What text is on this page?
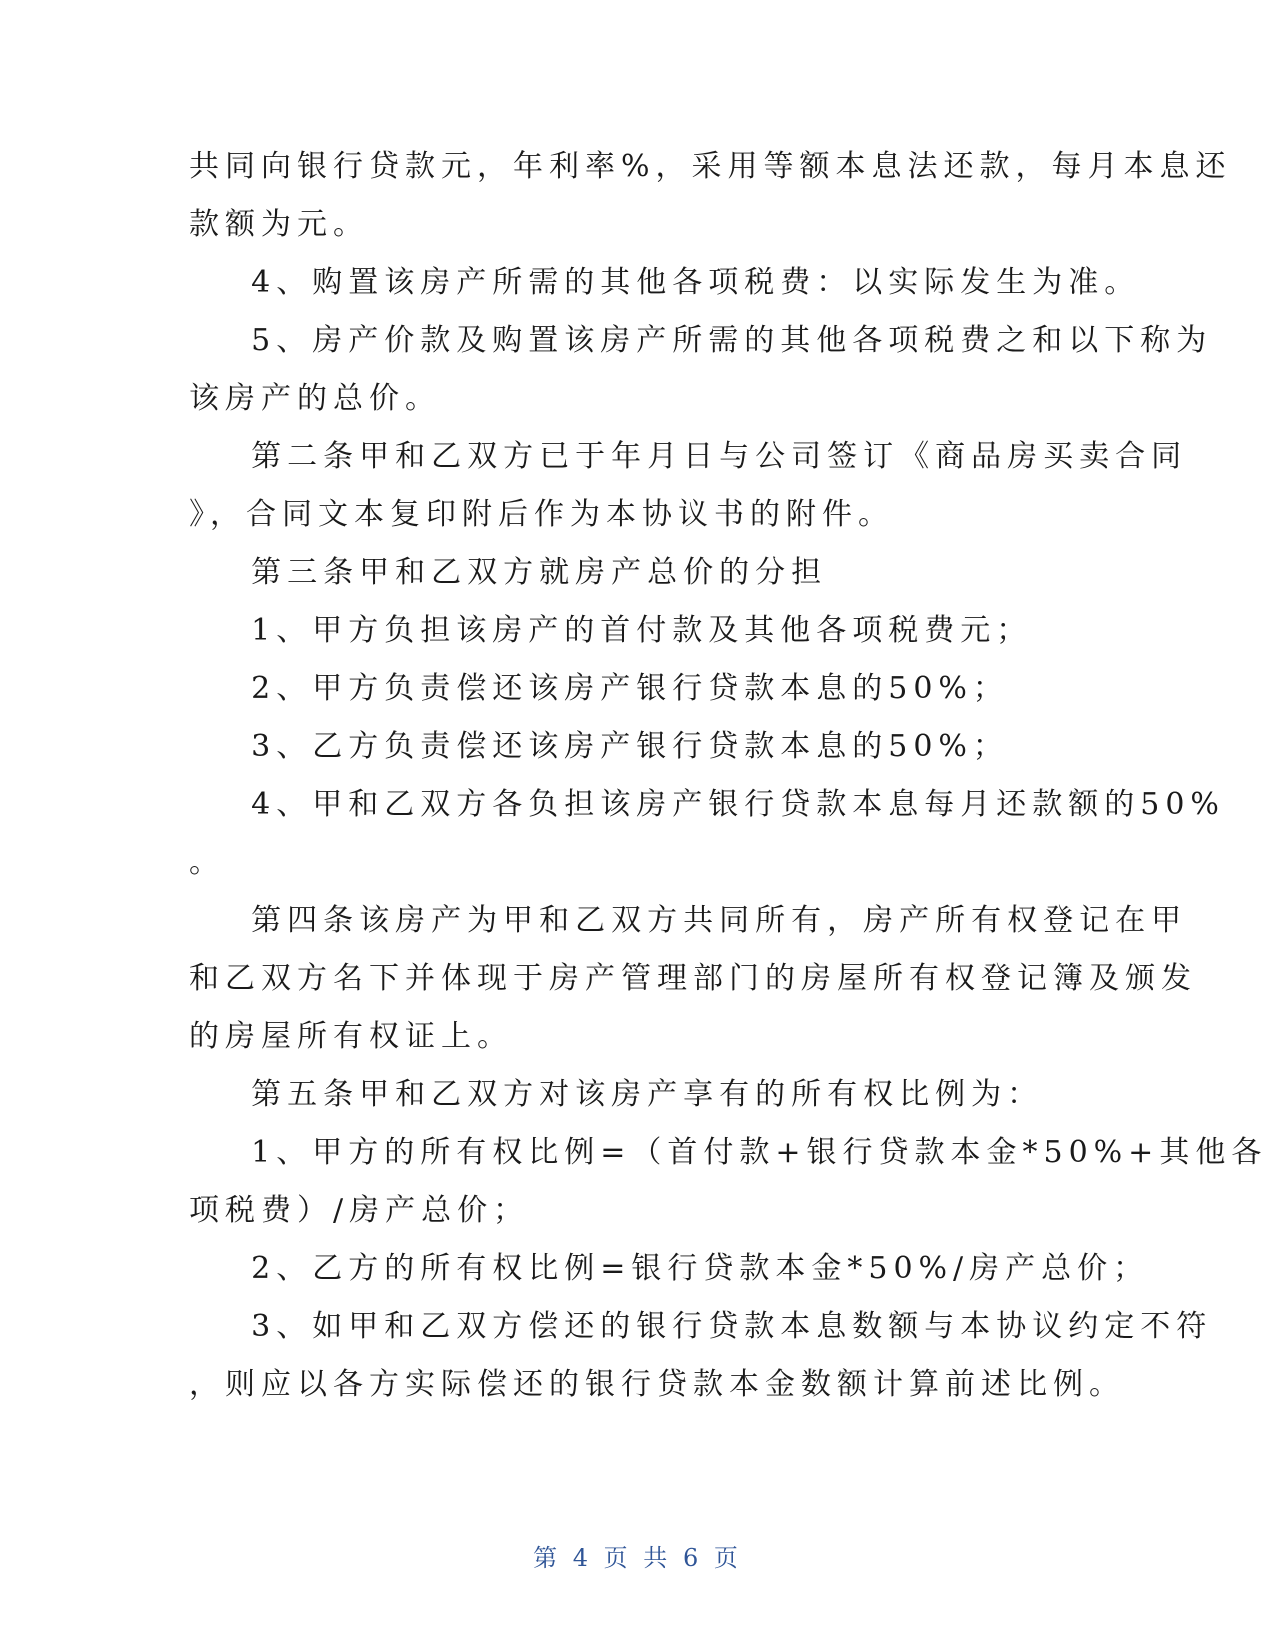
共同向银行贷款元，年利率%，采用等额本息法还款，每月本息还
款额为元。

4、购置该房产所需的其他各项税费：以实际发生为准。

5、房产价款及购置该房产所需的其他各项税费之和以下称为
该房产的总价。

第二条甲和乙双方已于年月日与公司签订《商品房买卖合同
》，合同文本复印附后作为本协议书的附件。

第三条甲和乙双方就房产总价的分担

1、甲方负担该房产的首付款及其他各项税费元；

2、甲方负责偿还该房产银行贷款本息的50%；

3、乙方负责偿还该房产银行贷款本息的50%；

4、甲和乙双方各负担该房产银行贷款本息每月还款额的50%
。

第四条该房产为甲和乙双方共同所有，房产所有权登记在甲
和乙双方名下并体现于房产管理部门的房屋所有权登记簿及颁发
的房屋所有权证上。

第五条甲和乙双方对该房产享有的所有权比例为：

1、甲方的所有权比例=（首付款+银行贷款本金*50%+其他各
项税费）/房产总价；

2、乙方的所有权比例=银行贷款本金*50%/房产总价；

3、如甲和乙双方偿还的银行贷款本息数额与本协议约定不符
，则应以各方实际偿还的银行贷款本金数额计算前述比例。

第 4 页 共 6 页
